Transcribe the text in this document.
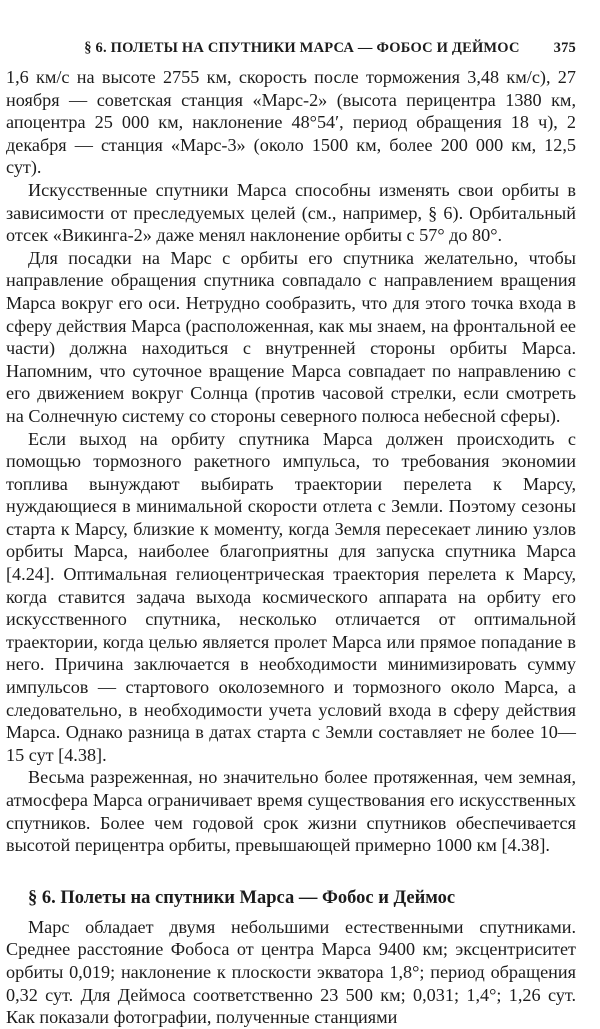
§ 6. ПОЛЕТЫ НА СПУТНИКИ МАРСА — ФОБОС И ДЕЙМОС 375

1,6 км/с на высоте 2755 км, скорость после торможения 3,48 км/с), 27 ноября — советская станция «Марс-2» (высота перицентра 1380 км, апоцентра 25 000 км, наклонение 48°54′, период обращения 18 ч), 2 декабря — станция «Марс-3» (около 1500 км, более 200 000 км, 12,5 сут).

Искусственные спутники Марса способны изменять свои орбиты в зависимости от преследуемых целей (см., например, § 6). Орбитальный отсек «Викинга-2» даже менял наклонение орбиты с 57° до 80°.

Для посадки на Марс с орбиты его спутника желательно, чтобы направление обращения спутника совпадало с направлением вращения Марса вокруг его оси. Нетрудно сообразить, что для этого точка входа в сферу действия Марса (расположенная, как мы знаем, на фронтальной ее части) должна находиться с внутренней стороны орбиты Марса. Напомним, что суточное вращение Марса совпадает по направлению с его движением вокруг Солнца (против часовой стрелки, если смотреть на Солнечную систему со стороны северного полюса небесной сферы).

Если выход на орбиту спутника Марса должен происходить с помощью тормозного ракетного импульса, то требования экономии топлива вынуждают выбирать траектории перелета к Марсу, нуждающиеся в минимальной скорости отлета с Земли. Поэтому сезоны старта к Марсу, близкие к моменту, когда Земля пересекает линию узлов орбиты Марса, наиболее благоприятны для запуска спутника Марса [4.24]. Оптимальная гелиоцентрическая траектория перелета к Марсу, когда ставится задача выхода космического аппарата на орбиту его искусственного спутника, несколько отличается от оптимальной траектории, когда целью является пролет Марса или прямое попадание в него. Причина заключается в необходимости минимизировать сумму импульсов — стартового околоземного и тормозного около Марса, а следовательно, в необходимости учета условий входа в сферу действия Марса. Однако разница в датах старта с Земли составляет не более 10—15 сут [4.38].

Весьма разреженная, но значительно более протяженная, чем земная, атмосфера Марса ограничивает время существования его искусственных спутников. Более чем годовой срок жизни спутников обеспечивается высотой перицентра орбиты, превышающей примерно 1000 км [4.38].

§ 6. Полеты на спутники Марса — Фобос и Деймос

Марс обладает двумя небольшими естественными спутниками. Среднее расстояние Фобоса от центра Марса 9400 км; эксцентриситет орбиты 0,019; наклонение к плоскости экватора 1,8°; период обращения 0,32 сут. Для Деймоса соответственно 23 500 км; 0,031; 1,4°; 1,26 сут. Как показали фотографии, полученные станциями
